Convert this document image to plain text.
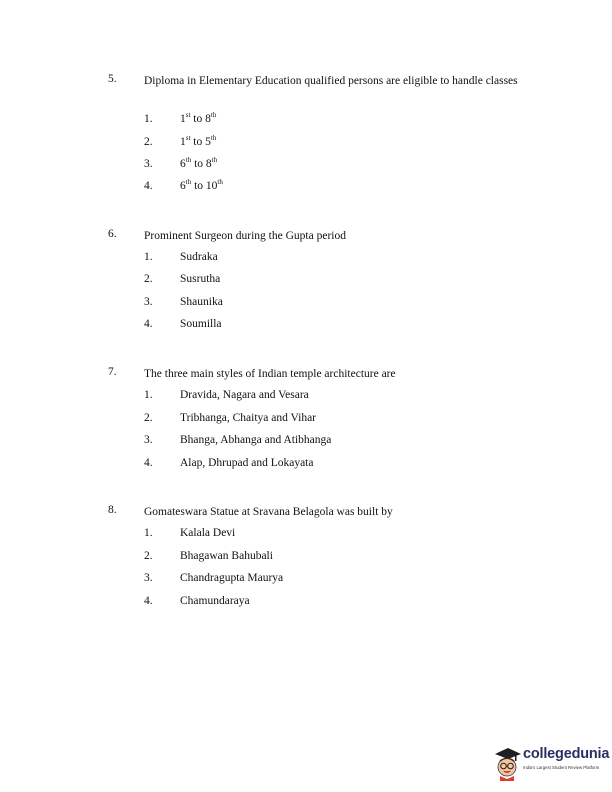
5. Diploma in Elementary Education qualified persons are eligible to handle classes
1. 1st to 8th
2. 1st to 5th
3. 6th to 8th
4. 6th to 10th
6. Prominent Surgeon during the Gupta period
1. Sudraka
2. Susrutha
3. Shaunika
4. Soumilla
7. The three main styles of Indian temple architecture are
1. Dravida, Nagara and Vesara
2. Tribhanga, Chaitya and Vihar
3. Bhanga, Abhanga and Atibhanga
4. Alap, Dhrupad and Lokayata
8. Gomateswara Statue at Sravana Belagola was built by
1. Kalala Devi
2. Bhagawan Bahubali
3. Chandragupta Maurya
4. Chamundaraya
collegedunia
India's Largest Student Review Platform
